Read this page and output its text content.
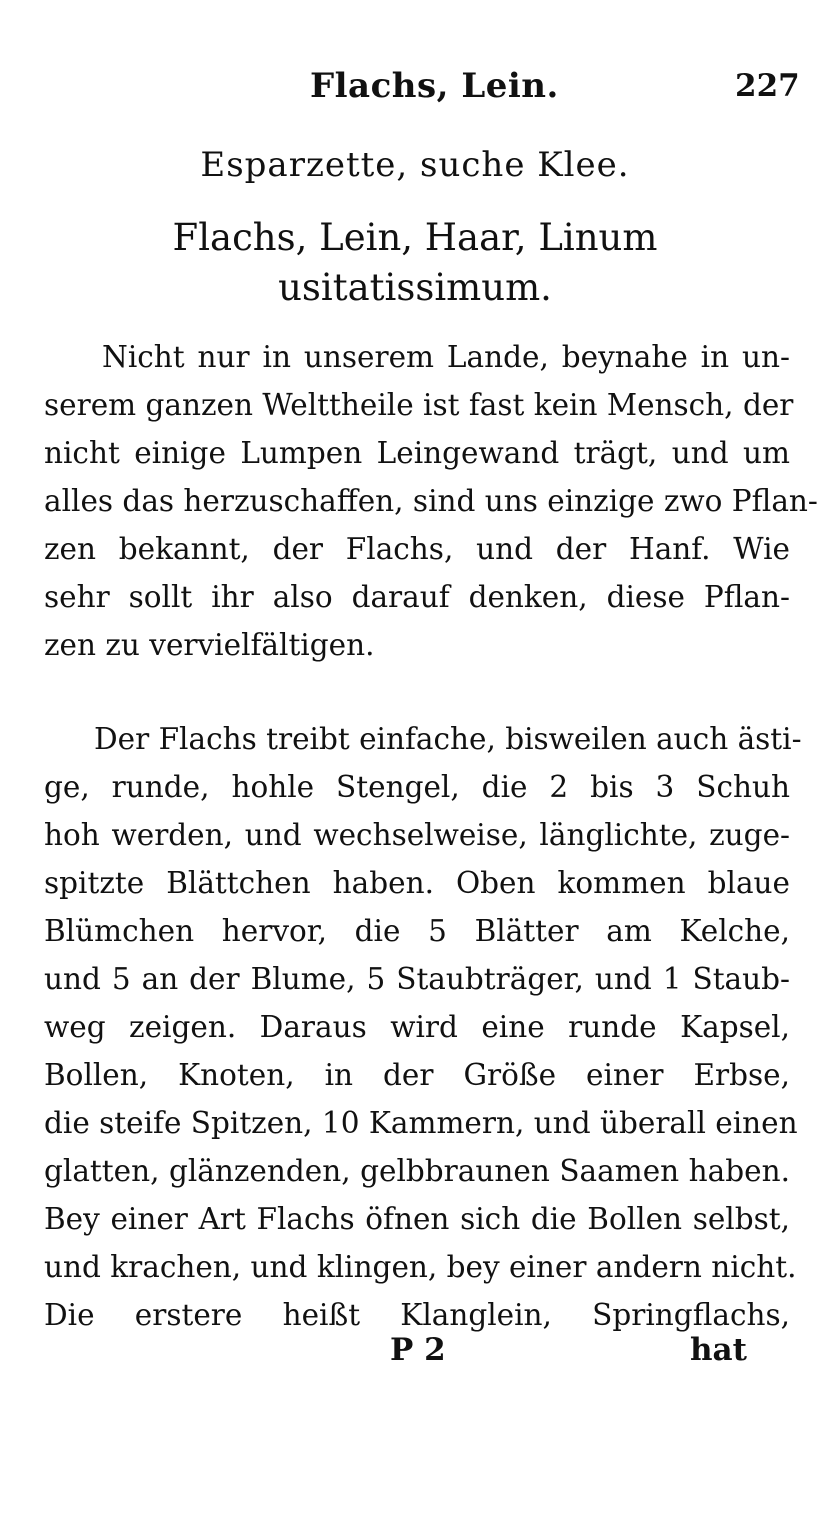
Flachs, Lein.	227
Esparzette, suche Klee.
Flachs, Lein, Haar, Linum
usitatissimum.

Nicht nur in unserem Lande, beynahe in un-
serem ganzen Welttheile ist fast kein Mensch, der
nicht einige Lumpen Leingewand trägt, und um
alles das herzuschaffen, sind uns einzige zwo Pflan-
zen bekannt, der Flachs, und der Hanf. Wie
sehr sollt ihr also darauf denken, diese Pflan-
zen zu vervielfältigen.

Der Flachs treibt einfache, bisweilen auch ästi-
ge, runde, hohle Stengel, die 2 bis 3 Schuh
hoh werden, und wechselweise, länglichte, zuge-
spitzte Blättchen haben. Oben kommen blaue
Blümchen hervor, die 5 Blätter am Kelche,
und 5 an der Blume, 5 Staubträger, und 1 Staub-
weg zeigen. Daraus wird eine runde Kapsel,
Bollen, Knoten, in der Größe einer Erbse,
die steife Spitzen, 10 Kammern, und überall einen
glatten, glänzenden, gelbbraunen Saamen haben.
Bey einer Art Flachs öfnen sich die Bollen selbst,
und krachen, und klingen, bey einer andern nicht.
Die erstere heißt Klanglein, Springflachs,

P 2	hat
